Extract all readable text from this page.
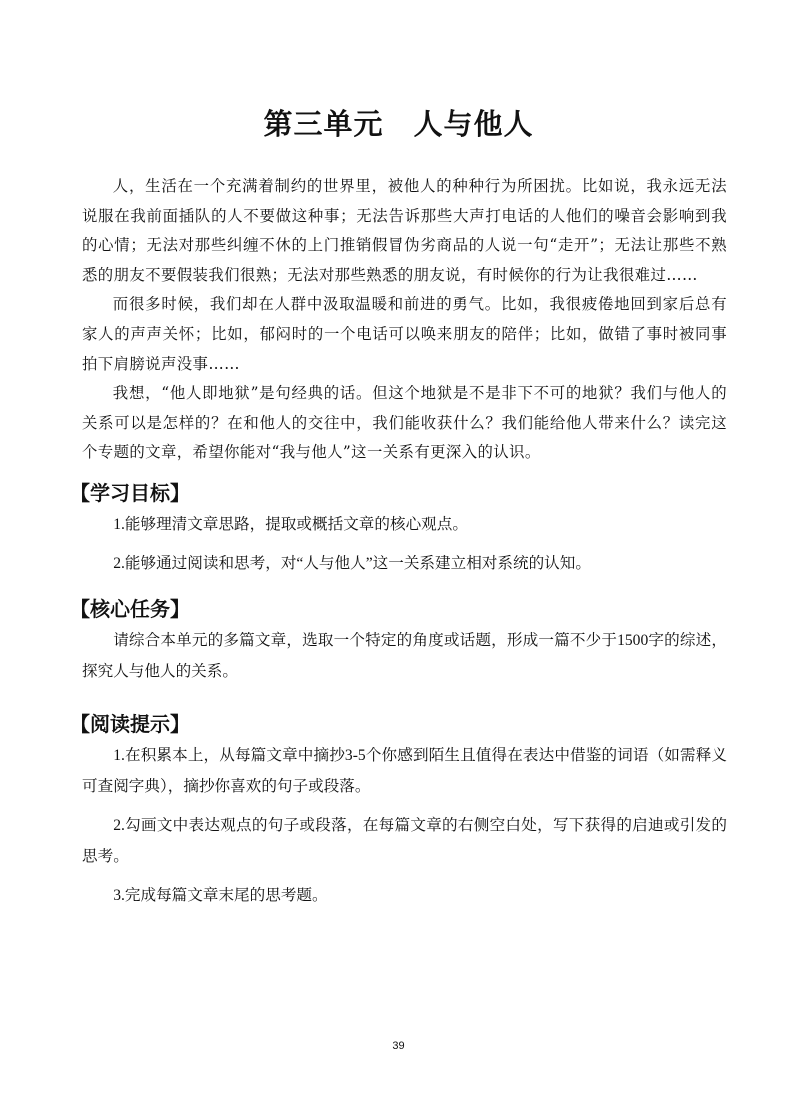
第三单元　人与他人

人，生活在一个充满着制约的世界里，被他人的种种行为所困扰。比如说，我永远无法说服在我前面插队的人不要做这种事；无法告诉那些大声打电话的人他们的噪音会影响到我的心情；无法对那些纠缠不休的上门推销假冒伪劣商品的人说一句“走开”；无法让那些不熟悉的朋友不要假装我们很熟；无法对那些熟悉的朋友说，有时候你的行为让我很难过……

而很多时候，我们却在人群中汲取温暖和前进的勇气。比如，我很疲倦地回到家后总有家人的声声关怀；比如，郁闷时的一个电话可以唤来朋友的陪伴；比如，做错了事时被同事拍下肩膀说声没事……

我想，“他人即地狱”是句经典的话。但这个地狱是不是非下不可的地狱？我们与他人的关系可以是怎样的？在和他人的交往中，我们能收获什么？我们能给他人带来什么？读完这个专题的文章，希望你能对“我与他人”这一关系有更深入的认识。

【学习目标】

1.能够理清文章思路，提取或概括文章的核心观点。

2.能够通过阅读和思考，对“人与他人”这一关系建立相对系统的认知。

【核心任务】

请综合本单元的多篇文章，选取一个特定的角度或话题，形成一篇不少于1500字的综述，探究人与他人的关系。

【阅读提示】

1.在积累本上，从每篇文章中摘抄3-5个你感到陌生且值得在表达中借鉴的词语（如需释义可查阅字典），摘抄你喜欢的句子或段落。

2.勾画文中表达观点的句子或段落，在每篇文章的右侧空白处，写下获得的启迪或引发的思考。

3.完成每篇文章末尾的思考题。

39
